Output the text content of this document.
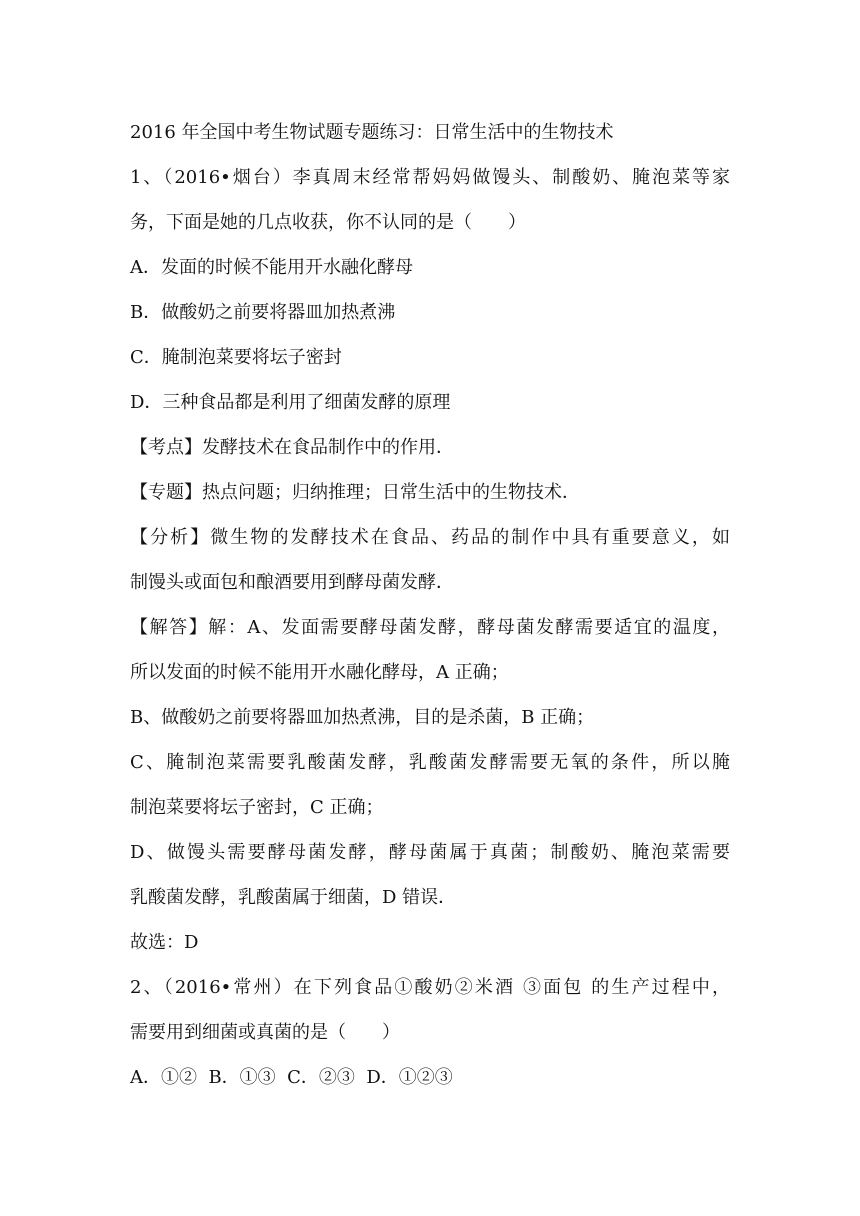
2016 年全国中考生物试题专题练习：日常生活中的生物技术
1、（2016•烟台）李真周末经常帮妈妈做馒头、制酸奶、腌泡菜等家
务，下面是她的几点收获，你不认同的是（　　）
A．发面的时候不能用开水融化酵母
B．做酸奶之前要将器皿加热煮沸
C．腌制泡菜要将坛子密封
D．三种食品都是利用了细菌发酵的原理
【考点】发酵技术在食品制作中的作用．
【专题】热点问题；归纳推理；日常生活中的生物技术．
【分析】微生物的发酵技术在食品、药品的制作中具有重要意义，如
制馒头或面包和酿酒要用到酵母菌发酵．
【解答】解：A、发面需要酵母菌发酵，酵母菌发酵需要适宜的温度，
所以发面的时候不能用开水融化酵母，A 正确；
B、做酸奶之前要将器皿加热煮沸，目的是杀菌，B 正确；
C、腌制泡菜需要乳酸菌发酵，乳酸菌发酵需要无氧的条件，所以腌
制泡菜要将坛子密封，C 正确；
D、做馒头需要酵母菌发酵，酵母菌属于真菌；制酸奶、腌泡菜需要
乳酸菌发酵，乳酸菌属于细菌，D 错误．
故选：D
2、（2016•常州）在下列食品①酸奶②米酒 ③面包 的生产过程中，
需要用到细菌或真菌的是（　　）
A．①②  B．①③  C．②③  D．①②③
